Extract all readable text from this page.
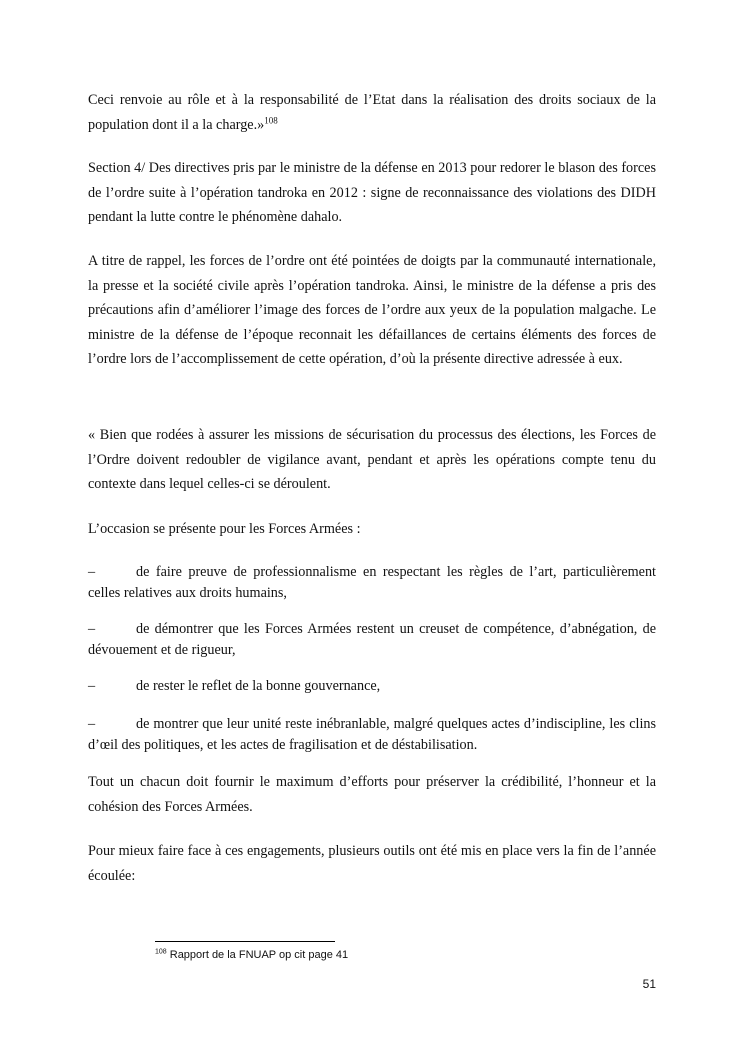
Ceci renvoie au rôle et à la responsabilité de l’Etat dans la réalisation des droits sociaux de la population dont il a la charge.»$^{108}$

Section 4/ Des directives pris par le ministre de la défense en 2013 pour redorer le blason des forces de l’ordre suite à l’opération tandroka en 2012 : signe de reconnaissance des violations des DIDH pendant la lutte contre le phénomène dahalo.

A titre de rappel, les forces de l’ordre ont été pointées de doigts par la communauté internationale, la presse et la société civile après l’opération tandroka. Ainsi, le ministre de la défense a pris des précautions afin d’améliorer l’image des forces de l’ordre aux yeux de la population malgache. Le ministre de la défense de l’époque reconnait les défaillances de certains éléments des forces de l’ordre lors de l’accomplissement de cette opération, d’où la présente directive adressée à eux.

« Bien que rodées à assurer les missions de sécurisation du processus des élections, les Forces de l’Ordre doivent redoubler de vigilance avant, pendant et après les opérations compte tenu du contexte dans lequel celles-ci se déroulent.

L’occasion se présente pour les Forces Armées :

–	de faire preuve de professionnalisme en respectant les règles de l’art, particulièrement celles relatives aux droits humains,

–	de démontrer que les Forces Armées restent un creuset de compétence, d’abnégation, de dévouement et de rigueur,

–	de rester le reflet de la bonne gouvernance,

–	de montrer que leur unité reste inébranlable, malgré quelques actes d’indiscipline, les clins d’œil des politiques, et les actes de fragilisation et de déstabilisation.

Tout un chacun doit fournir le maximum d’efforts pour préserver la crédibilité, l’honneur et la cohésion des Forces Armées.

Pour mieux faire face à ces engagements, plusieurs outils ont été mis en place vers la fin de l’année écoulée:

$^{108}$ Rapport de la FNUAP op cit page 41
51
